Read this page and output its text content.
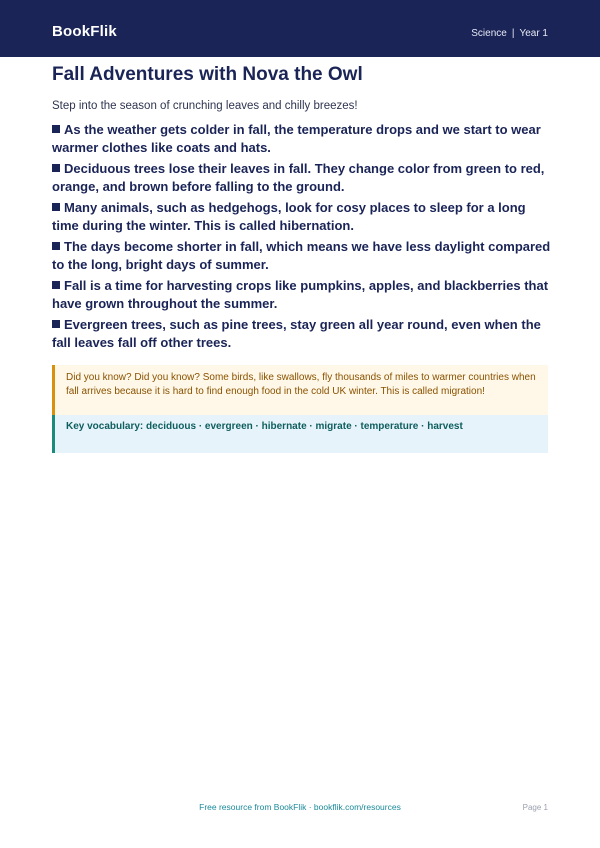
BookFlik	Science | Year 1
Fall Adventures with Nova the Owl

Step into the season of crunching leaves and chilly breezes!

As the weather gets colder in fall, the temperature drops and we start to wear warmer clothes like coats and hats.
Deciduous trees lose their leaves in fall. They change color from green to red, orange, and brown before falling to the ground.
Many animals, such as hedgehogs, look for cosy places to sleep for a long time during the winter. This is called hibernation.
The days become shorter in fall, which means we have less daylight compared to the long, bright days of summer.
Fall is a time for harvesting crops like pumpkins, apples, and blackberries that have grown throughout the summer.
Evergreen trees, such as pine trees, stay green all year round, even when the fall leaves fall off other trees.
Did you know? Did you know? Some birds, like swallows, fly thousands of miles to warmer countries when fall arrives because it is hard to find enough food in the cold UK winter. This is called migration!
Key vocabulary: deciduous · evergreen · hibernate · migrate · temperature · harvest
Free resource from BookFlik · bookflik.com/resources	Page 1
